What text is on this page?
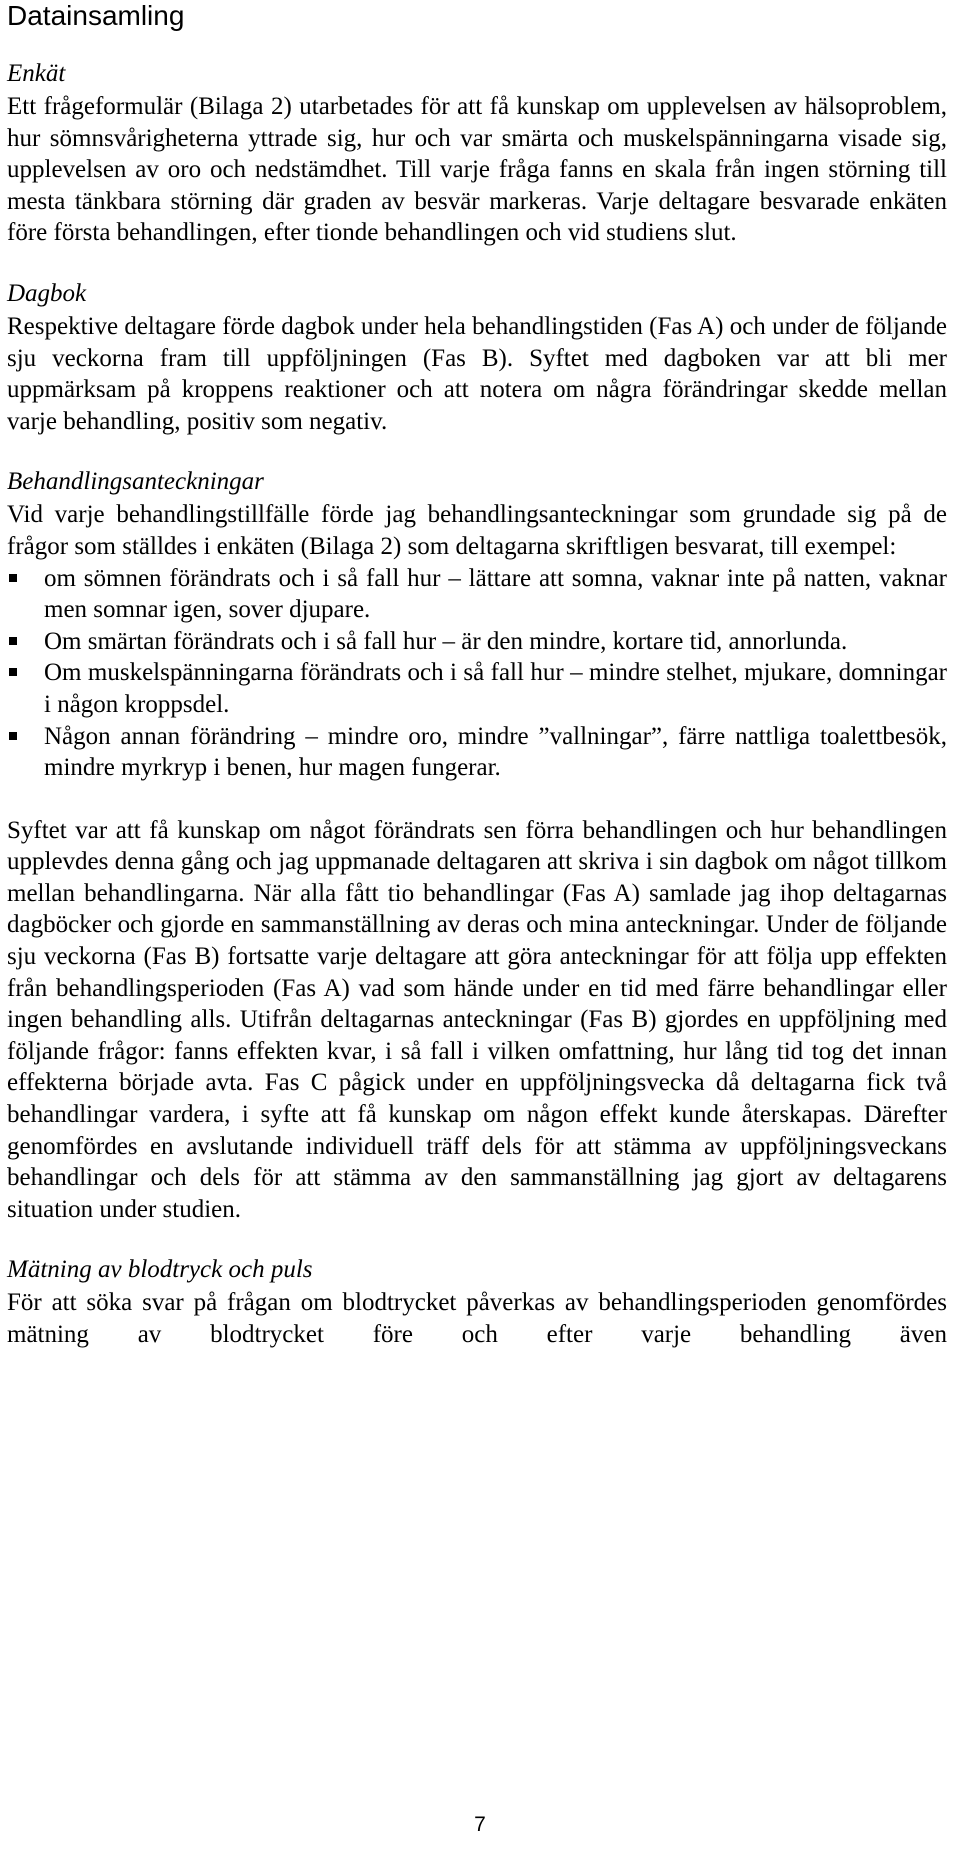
Datainsamling
Enkät

Ett frågeformulär (Bilaga 2) utarbetades för att få kunskap om upplevelsen av hälsoproblem, hur sömnsvårigheterna yttrade sig, hur och var smärta och muskelspänningarna visade sig, upplevelsen av oro och nedstämdhet. Till varje fråga fanns en skala från ingen störning till mesta tänkbara störning där graden av besvär markeras. Varje deltagare besvarade enkäten före första behandlingen, efter tionde behandlingen och vid studiens slut.

Dagbok

Respektive deltagare förde dagbok under hela behandlingstiden (Fas A) och under de följande sju veckorna fram till uppföljningen (Fas B). Syftet med dagboken var att bli mer uppmärksam på kroppens reaktioner och att notera om några förändringar skedde mellan varje behandling, positiv som negativ.

Behandlingsanteckningar

Vid varje behandlingstillfälle förde jag behandlingsanteckningar som grundade sig på de frågor som ställdes i enkäten (Bilaga 2) som deltagarna skriftligen besvarat, till exempel:

om sömnen förändrats och i så fall hur – lättare att somna, vaknar inte på natten, vaknar men somnar igen, sover djupare.
Om smärtan förändrats och i så fall hur – är den mindre, kortare tid, annorlunda.
Om muskelspänningarna förändrats och i så fall hur – mindre stelhet, mjukare, domningar i någon kroppsdel.
Någon annan förändring – mindre oro, mindre ”vallningar”, färre nattliga toalettbesök, mindre myrkryp i benen, hur magen fungerar.

Syftet var att få kunskap om något förändrats sen förra behandlingen och hur behandlingen upplevdes denna gång och jag uppmanade deltagaren att skriva i sin dagbok om något tillkom mellan behandlingarna. När alla fått tio behandlingar (Fas A) samlade jag ihop deltagarnas dagböcker och gjorde en sammanställning av deras och mina anteckningar. Under de följande sju veckorna (Fas B) fortsatte varje deltagare att göra anteckningar för att följa upp effekten från behandlingsperioden (Fas A) vad som hände under en tid med färre behandlingar eller ingen behandling alls. Utifrån deltagarnas anteckningar (Fas B) gjordes en uppföljning med följande frågor: fanns effekten kvar, i så fall i vilken omfattning, hur lång tid tog det innan effekterna började avta. Fas C pågick under en uppföljningsvecka då deltagarna fick två behandlingar vardera, i syfte att få kunskap om någon effekt kunde återskapas. Därefter genomfördes en avslutande individuell träff dels för att stämma av uppföljningsveckans behandlingar och dels för att stämma av den sammanställning jag gjort av deltagarens situation under studien.

Mätning av blodtryck och puls

För att söka svar på frågan om blodtrycket påverkas av behandlingsperioden genomfördes mätning av blodtrycket före och efter varje behandling även

7
